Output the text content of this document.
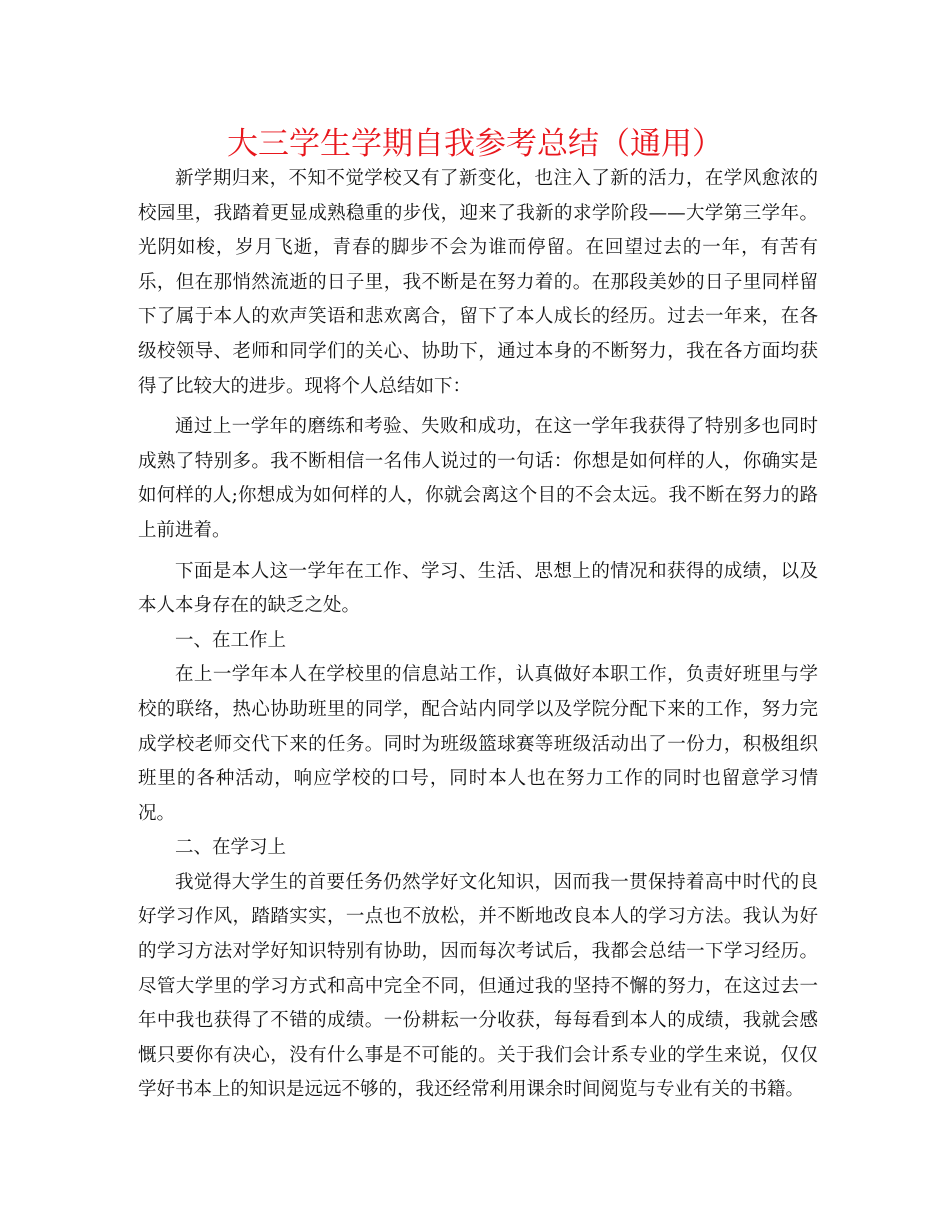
大三学生学期自我参考总结（通用）

新学期归来，不知不觉学校又有了新变化，也注入了新的活力，在学风愈浓的校园里，我踏着更显成熟稳重的步伐，迎来了我新的求学阶段——大学第三学年。光阴如梭，岁月飞逝，青春的脚步不会为谁而停留。在回望过去的一年，有苦有乐，但在那悄然流逝的日子里，我不断是在努力着的。在那段美妙的日子里同样留下了属于本人的欢声笑语和悲欢离合，留下了本人成长的经历。过去一年来，在各级校领导、老师和同学们的关心、协助下，通过本身的不断努力，我在各方面均获得了比较大的进步。现将个人总结如下：

通过上一学年的磨练和考验、失败和成功，在这一学年我获得了特别多也同时成熟了特别多。我不断相信一名伟人说过的一句话：你想是如何样的人，你确实是如何样的人;你想成为如何样的人，你就会离这个目的不会太远。我不断在努力的路上前进着。

下面是本人这一学年在工作、学习、生活、思想上的情况和获得的成绩，以及本人本身存在的缺乏之处。

一、在工作上

在上一学年本人在学校里的信息站工作，认真做好本职工作，负责好班里与学校的联络，热心协助班里的同学，配合站内同学以及学院分配下来的工作，努力完成学校老师交代下来的任务。同时为班级篮球赛等班级活动出了一份力，积极组织班里的各种活动，响应学校的口号，同时本人也在努力工作的同时也留意学习情况。

二、在学习上

我觉得大学生的首要任务仍然学好文化知识，因而我一贯保持着高中时代的良好学习作风，踏踏实实，一点也不放松，并不断地改良本人的学习方法。我认为好的学习方法对学好知识特别有协助，因而每次考试后，我都会总结一下学习经历。尽管大学里的学习方式和高中完全不同，但通过我的坚持不懈的努力，在这过去一年中我也获得了不错的成绩。一份耕耘一分收获，每每看到本人的成绩，我就会感慨只要你有决心，没有什么事是不可能的。关于我们会计系专业的学生来说，仅仅学好书本上的知识是远远不够的，我还经常利用课余时间阅览与专业有关的书籍。
